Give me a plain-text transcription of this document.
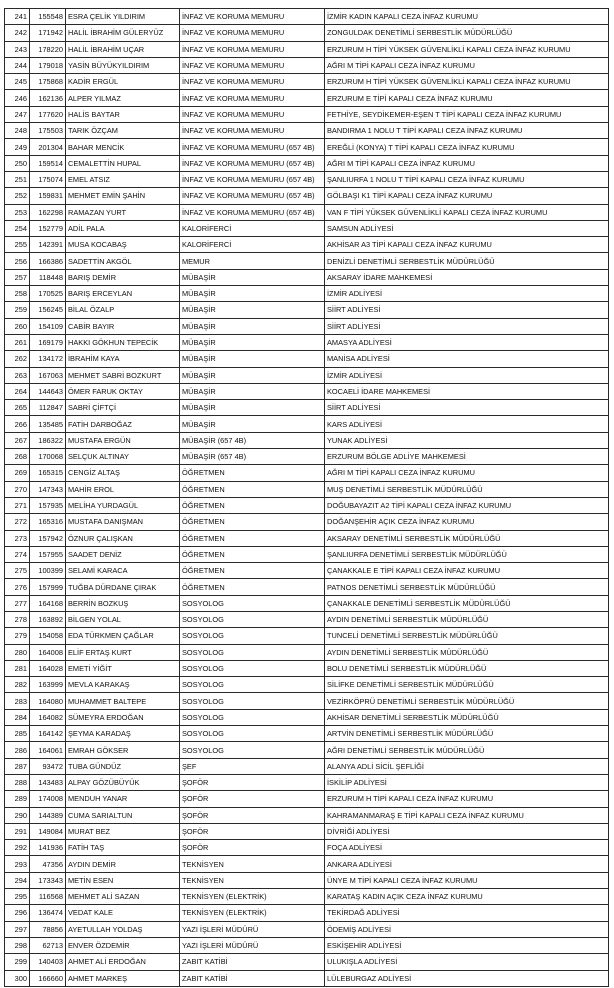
241	155548	ESRA ÇELİK YILDIRIM	İNFAZ VE KORUMA MEMURU	İZMİR KADIN KAPALI CEZA İNFAZ KURUMU
242	171942	HALİL İBRAHİM GÜLERYÜZ	İNFAZ VE KORUMA MEMURU	ZONGULDAK DENETİMLİ SERBESTLİK MÜDÜRLÜĞÜ
243	178220	HALİL İBRAHİM UÇAR	İNFAZ VE KORUMA MEMURU	ERZURUM H TİPİ YÜKSEK GÜVENLİKLİ KAPALI CEZA İNFAZ KURUMU
244	179018	YASİN BÜYÜKYILDIRIM	İNFAZ VE KORUMA MEMURU	AĞRI M TİPİ KAPALI CEZA İNFAZ KURUMU
245	175868	KADİR ERGÜL	İNFAZ VE KORUMA MEMURU	ERZURUM H TİPİ YÜKSEK GÜVENLİKLİ KAPALI CEZA İNFAZ KURUMU
246	162136	ALPER YILMAZ	İNFAZ VE KORUMA MEMURU	ERZURUM E TİPİ KAPALI CEZA İNFAZ KURUMU
247	177620	HALİS BAYTAR	İNFAZ VE KORUMA MEMURU	FETHİYE, SEYDİKEMER-EŞEN T TİPİ KAPALI CEZA İNFAZ KURUMU
248	175503	TARIK ÖZÇAM	İNFAZ VE KORUMA MEMURU	BANDIRMA 1 NOLU T TİPİ KAPALI CEZA İNFAZ KURUMU
249	201304	BAHAR MENCİK	İNFAZ VE KORUMA MEMURU (657 4B)	EREĞLİ (KONYA) T TİPİ KAPALI CEZA İNFAZ KURUMU
250	159514	CEMALETTİN HUPAL	İNFAZ VE KORUMA MEMURU (657 4B)	AĞRI M TİPİ KAPALI CEZA İNFAZ KURUMU
251	175074	EMEL ATSIZ	İNFAZ VE KORUMA MEMURU (657 4B)	ŞANLIURFA 1 NOLU T TİPİ KAPALI CEZA İNFAZ KURUMU
252	159831	MEHMET EMİN ŞAHİN	İNFAZ VE KORUMA MEMURU (657 4B)	GÖLBAŞI K1 TİPİ KAPALI CEZA İNFAZ KURUMU
253	162298	RAMAZAN YURT	İNFAZ VE KORUMA MEMURU (657 4B)	VAN F TİPİ YÜKSEK GÜVENLİKLİ KAPALI CEZA İNFAZ KURUMU
254	152779	ADİL PALA	KALORİFERCİ	SAMSUN ADLİYESİ
255	142391	MUSA KOCABAŞ	KALORİFERCİ	AKHİSAR A3 TİPİ KAPALI CEZA İNFAZ KURUMU
256	166386	SADETTİN AKGÖL	MEMUR	DENİZLİ DENETİMLİ SERBESTLİK MÜDÜRLÜĞÜ
257	118448	BARIŞ DEMİR	MÜBAŞİR	AKSARAY İDARE MAHKEMESİ
258	170525	BARIŞ ERCEYLAN	MÜBAŞİR	İZMİR ADLİYESİ
259	156245	BİLAL ÖZALP	MÜBAŞİR	SİİRT ADLİYESİ
260	154109	CABİR BAYIR	MÜBAŞİR	SİİRT ADLİYESİ
261	169179	HAKKI GÖKHUN TEPECİK	MÜBAŞİR	AMASYA ADLİYESİ
262	134172	İBRAHİM KAYA	MÜBAŞİR	MANİSA ADLİYESİ
263	167063	MEHMET SABRİ BOZKURT	MÜBAŞİR	İZMİR ADLİYESİ
264	144643	ÖMER FARUK OKTAY	MÜBAŞİR	KOCAELİ İDARE MAHKEMESİ
265	112847	SABRİ ÇİFTÇİ	MÜBAŞİR	SİİRT ADLİYESİ
266	135485	FATİH DARBOĞAZ	MÜBAŞİR	KARS ADLİYESİ
267	186322	MUSTAFA ERGÜN	MÜBAŞİR (657 4B)	YUNAK ADLİYESİ
268	170068	SELÇUK ALTINAY	MÜBAŞİR (657 4B)	ERZURUM BÖLGE ADLİYE MAHKEMESİ
269	165315	CENGİZ ALTAŞ	ÖĞRETMEN	AĞRI M TİPİ KAPALI CEZA İNFAZ KURUMU
270	147343	MAHİR EROL	ÖĞRETMEN	MUŞ DENETİMLİ SERBESTLİK MÜDÜRLÜĞÜ
271	157935	MELİHA YURDAGÜL	ÖĞRETMEN	DOĞUBAYAZIT A2 TİPİ KAPALI CEZA İNFAZ KURUMU
272	165316	MUSTAFA DANIŞMAN	ÖĞRETMEN	DOĞANŞEHİR AÇIK CEZA İNFAZ KURUMU
273	157942	ÖZNUR ÇALIŞKAN	ÖĞRETMEN	AKSARAY DENETİMLİ SERBESTLİK MÜDÜRLÜĞÜ
274	157955	SAADET DENİZ	ÖĞRETMEN	ŞANLIURFA DENETİMLİ SERBESTLİK MÜDÜRLÜĞÜ
275	100399	SELAMİ KARACA	ÖĞRETMEN	ÇANAKKALE E TİPİ KAPALI CEZA İNFAZ KURUMU
276	157999	TUĞBA DÜRDANE ÇIRAK	ÖĞRETMEN	PATNOS DENETİMLİ SERBESTLİK MÜDÜRLÜĞÜ
277	164168	BERRİN BOZKUŞ	SOSYOLOG	ÇANAKKALE DENETİMLİ SERBESTLİK MÜDÜRLÜĞÜ
278	163892	BİLGEN YOLAL	SOSYOLOG	AYDIN DENETİMLİ SERBESTLİK MÜDÜRLÜĞÜ
279	154058	EDA TÜRKMEN ÇAĞLAR	SOSYOLOG	TUNCELİ DENETİMLİ SERBESTLİK MÜDÜRLÜĞÜ
280	164008	ELİF ERTAŞ KURT	SOSYOLOG	AYDIN DENETİMLİ SERBESTLİK MÜDÜRLÜĞÜ
281	164028	EMETİ YİĞİT	SOSYOLOG	BOLU DENETİMLİ SERBESTLİK MÜDÜRLÜĞÜ
282	163999	MEVLA KARAKAŞ	SOSYOLOG	SİLİFKE DENETİMLİ SERBESTLİK MÜDÜRLÜĞÜ
283	164080	MUHAMMET BALTEPE	SOSYOLOG	VEZİRKÖPRÜ DENETİMLİ SERBESTLİK MÜDÜRLÜĞÜ
284	164082	SÜMEYRA ERDOĞAN	SOSYOLOG	AKHİSAR DENETİMLİ SERBESTLİK MÜDÜRLÜĞÜ
285	164142	ŞEYMA KARADAŞ	SOSYOLOG	ARTVİN DENETİMLİ SERBESTLİK MÜDÜRLÜĞÜ
286	164061	EMRAH GÖKSER	SOSYOLOG	AĞRI DENETİMLİ SERBESTLİK MÜDÜRLÜĞÜ
287	93472	TUBA GÜNDÜZ	ŞEF	ALANYA ADLİ SİCİL ŞEFLİĞİ
288	143483	ALPAY GÖZÜBÜYÜK	ŞOFÖR	İSKİLİP ADLİYESİ
289	174008	MENDUH YANAR	ŞOFÖR	ERZURUM H TİPİ KAPALI CEZA İNFAZ KURUMU
290	144389	CUMA SARIALTUN	ŞOFÖR	KAHRAMANMARAŞ E TİPİ KAPALI CEZA İNFAZ KURUMU
291	149084	MURAT BEZ	ŞOFÖR	DİVRİĞİ ADLİYESİ
292	141936	FATİH TAŞ	ŞOFÖR	FOÇA ADLİYESİ
293	47356	AYDIN DEMİR	TEKNİSYEN	ANKARA ADLİYESİ
294	173343	METİN ESEN	TEKNİSYEN	ÜNYE M TİPİ KAPALI CEZA İNFAZ KURUMU
295	116568	MEHMET ALİ SAZAN	TEKNİSYEN (ELEKTRİK)	KARATAŞ KADIN AÇIK CEZA İNFAZ KURUMU
296	136474	VEDAT KALE	TEKNİSYEN (ELEKTRİK)	TEKİRDAĞ ADLİYESİ
297	78856	AYETULLAH YOLDAŞ	YAZI İŞLERİ MÜDÜRÜ	ÖDEMİŞ ADLİYESİ
298	62713	ENVER ÖZDEMİR	YAZI İŞLERİ MÜDÜRÜ	ESKİŞEHİR ADLİYESİ
299	140403	AHMET ALİ ERDOĞAN	ZABIT KATİBİ	ULUKIŞLA ADLİYESİ
300	166660	AHMET MARKEŞ	ZABIT KATİBİ	LÜLEBURGAZ ADLİYESİ
